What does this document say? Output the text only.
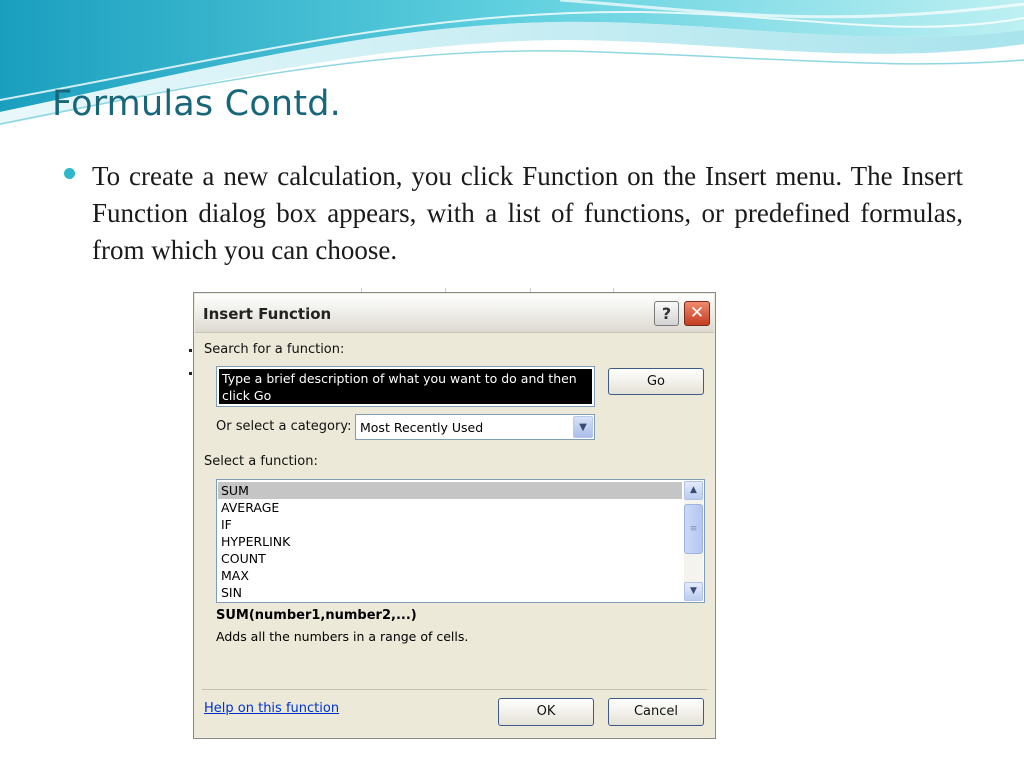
Formulas Contd.

To create a new calculation, you click Function on the Insert menu. The Insert Function dialog box appears, with a list of functions, or predefined formulas, from which you can choose.

Insert Function	?	✕
Search for a function:
Type a brief description of what you want to do and then click Go
Go
Or select a category: Most Recently Used	▼
Select a function:
SUM
AVERAGE
IF
HYPERLINK
COUNT
MAX
SIN
▲
≡
▼
SUM(number1,number2,...)
Adds all the numbers in a range of cells.
Help on this function	OK	Cancel
